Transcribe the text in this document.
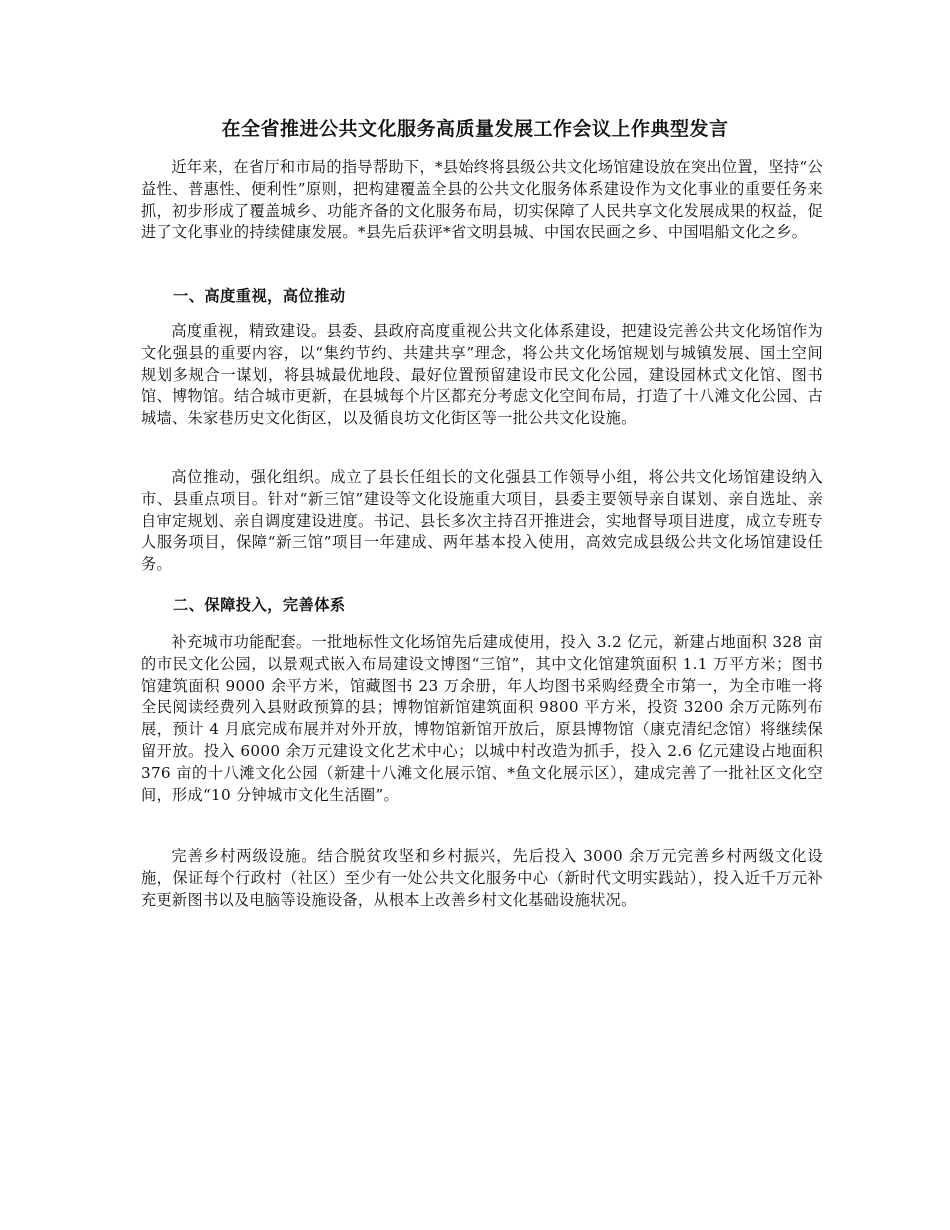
在全省推进公共文化服务高质量发展工作会议上作典型发言

近年来，在省厅和市局的指导帮助下，*县始终将县级公共文化场馆建设放在突出位置，坚持“公益性、普惠性、便利性”原则，把构建覆盖全县的公共文化服务体系建设作为文化事业的重要任务来抓，初步形成了覆盖城乡、功能齐备的文化服务布局，切实保障了人民共享文化发展成果的权益，促进了文化事业的持续健康发展。*县先后获评*省文明县城、中国农民画之乡、中国唱船文化之乡。

一、高度重视，高位推动

高度重视，精致建设。县委、县政府高度重视公共文化体系建设，把建设完善公共文化场馆作为文化强县的重要内容，以“集约节约、共建共享”理念，将公共文化场馆规划与城镇发展、国土空间规划多规合一谋划，将县城最优地段、最好位置预留建设市民文化公园，建设园林式文化馆、图书馆、博物馆。结合城市更新，在县城每个片区都充分考虑文化空间布局，打造了十八滩文化公园、古城墙、朱家巷历史文化街区，以及循良坊文化街区等一批公共文化设施。

高位推动，强化组织。成立了县长任组长的文化强县工作领导小组，将公共文化场馆建设纳入市、县重点项目。针对“新三馆”建设等文化设施重大项目，县委主要领导亲自谋划、亲自选址、亲自审定规划、亲自调度建设进度。书记、县长多次主持召开推进会，实地督导项目进度，成立专班专人服务项目，保障“新三馆”项目一年建成、两年基本投入使用，高效完成县级公共文化场馆建设任务。

二、保障投入，完善体系

补充城市功能配套。一批地标性文化场馆先后建成使用，投入 3.2 亿元，新建占地面积 328 亩的市民文化公园，以景观式嵌入布局建设文博图“三馆”，其中文化馆建筑面积 1.1 万平方米；图书馆建筑面积 9000 余平方米，馆藏图书 23 万余册，年人均图书采购经费全市第一，为全市唯一将全民阅读经费列入县财政预算的县；博物馆新馆建筑面积 9800 平方米，投资 3200 余万元陈列布展，预计 4 月底完成布展并对外开放，博物馆新馆开放后，原县博物馆（康克清纪念馆）将继续保留开放。投入 6000 余万元建设文化艺术中心；以城中村改造为抓手，投入 2.6 亿元建设占地面积 376 亩的十八滩文化公园（新建十八滩文化展示馆、*鱼文化展示区），建成完善了一批社区文化空间，形成“10 分钟城市文化生活圈”。

完善乡村两级设施。结合脱贫攻坚和乡村振兴，先后投入 3000 余万元完善乡村两级文化设施，保证每个行政村（社区）至少有一处公共文化服务中心（新时代文明实践站），投入近千万元补充更新图书以及电脑等设施设备，从根本上改善乡村文化基础设施状况。
